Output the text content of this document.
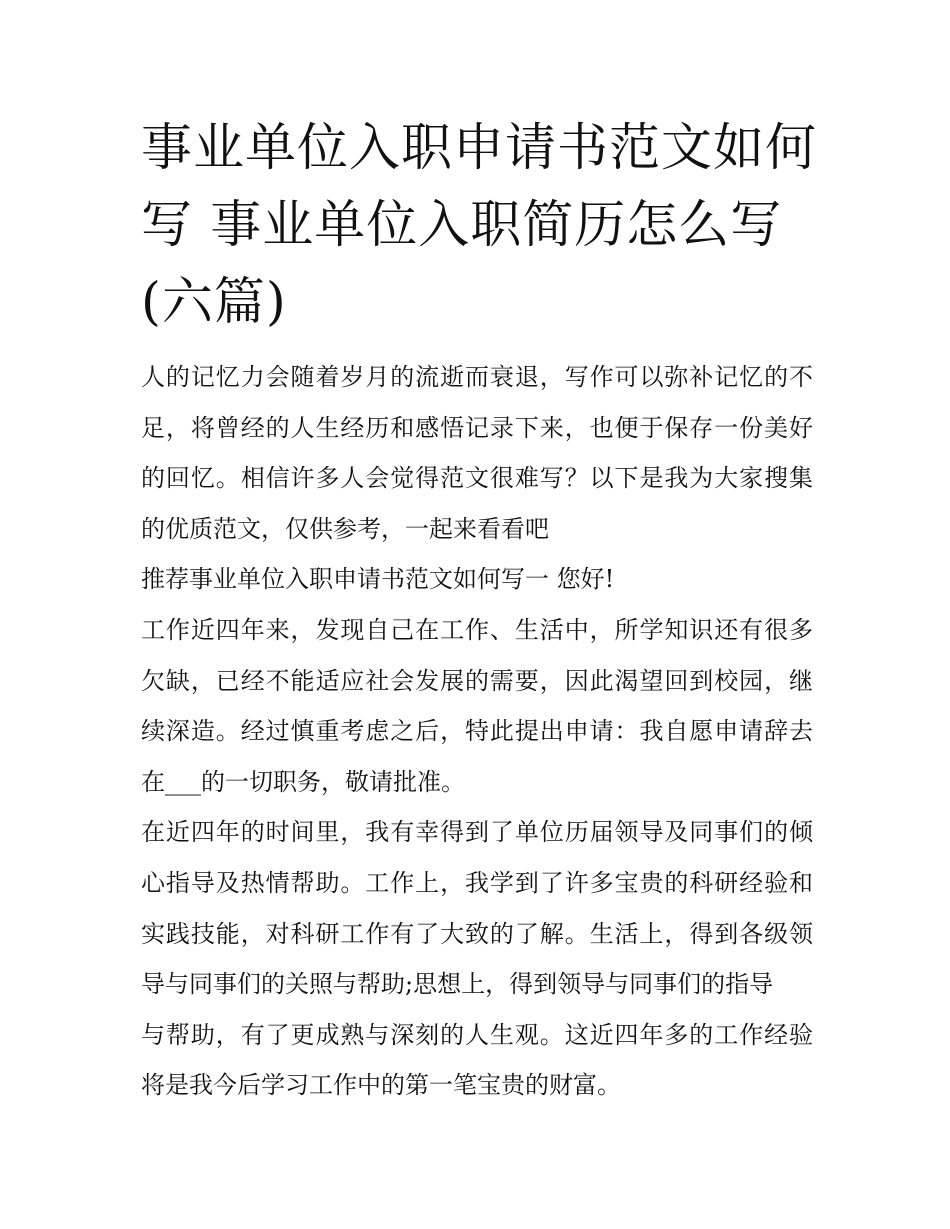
事业单位入职申请书范文如何
写 事业单位入职简历怎么写
(六篇)

人的记忆力会随着岁月的流逝而衰退，写作可以弥补记忆的不
足，将曾经的人生经历和感悟记录下来，也便于保存一份美好
的回忆。相信许多人会觉得范文很难写？以下是我为大家搜集
的优质范文，仅供参考，一起来看看吧

推荐事业单位入职申请书范文如何写一 您好!

工作近四年来，发现自己在工作、生活中，所学知识还有很多
欠缺，已经不能适应社会发展的需要，因此渴望回到校园，继
续深造。经过慎重考虑之后，特此提出申请：我自愿申请辞去
在___的一切职务，敬请批准。

在近四年的时间里，我有幸得到了单位历届领导及同事们的倾
心指导及热情帮助。工作上，我学到了许多宝贵的科研经验和
实践技能，对科研工作有了大致的了解。生活上，得到各级领
导与同事们的关照与帮助;思想上，得到领导与同事们的指导
与帮助，有了更成熟与深刻的人生观。这近四年多的工作经验
将是我今后学习工作中的第一笔宝贵的财富。
